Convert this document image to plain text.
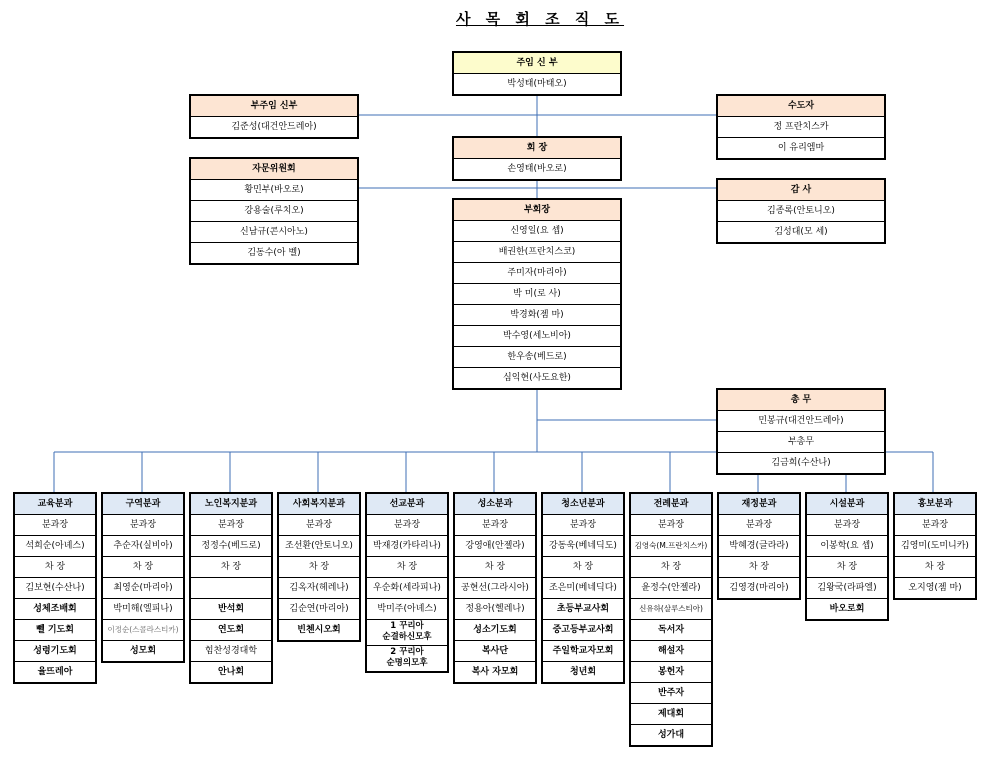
사 목 회 조 직 도
주임 신 부
박성태(마태오)
부주임 신부
김준성(대건안드레아)
수도자
정 프란치스카
이 유리엠마
회 장
손영태(바오로)
자문위원회
황민부(바오로)
강용술(루치오)
신남규(콘시아노)
김동수(아 벨)
감 사
김종록(안토니오)
김성대(모 세)
부회장
신영일(요 셉)
배권한(프란치스코)
주미자(마리아)
박 미(로 사)
박경화(젬 마)
박수영(세노비아)
한우송(베드로)
심익현(사도요한)
총 무
민봉규(대건안드레아)
부총무
김금희(수산나)
교육분과
분과장
석희순(아녜스)
차 장
김보현(수산나)
성체조배회
뻴 기도회
성령기도회
율뜨레아
구역분과
분과장
추순자(실비아)
차 장
최영순(마리아)
박미해(엘피나)
이정순(스콜라스티카)
성모회
노인복지분과
분과장
정정수(베드로)
차 장
반석회
연도회
힘찬성경대학
안나회
사회복지분과
분과장
조선환(안토니오)
차 장
김옥자(헤레나)
김순연(마리아)
빈첸시오회
선교분과
분과장
박재경(카타리나)
차 장
우순화(세라피나)
박미주(아녜스)
1 꾸리아
순결하신모후
2 꾸리아
순명의모후
성소분과
분과장
강영애(안젤라)
차 장
공현선(그라시아)
정용아(헬레나)
성소기도회
복사단
복사 자모회
청소년분과
분과장
강동욱(베네딕도)
차 장
조은미(베네딕다)
초등부교사회
중고등부교사회
주일학교자모회
청년회
전례분과
분과장
김영숙(M.프란치스카)
차 장
윤정수(안젤라)
신유하(살루스티아)
독서자
해설자
봉헌자
반주자
제대회
성가대
재정분과
분과장
박혜경(글라라)
차 장
김영경(마리아)
시설분과
분과장
이봉학(요 셉)
차 장
김왕국(라파엘)
바오로회
홍보분과
분과장
김영미(도미니카)
차 장
오지영(젬 마)
